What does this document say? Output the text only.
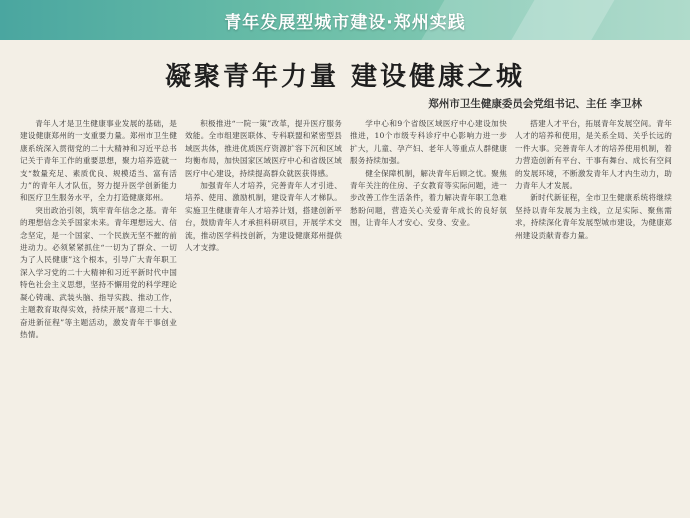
青年发展型城市建设·郑州实践
凝聚青年力量 建设健康之城
郑州市卫生健康委员会党组书记、主任 李卫林

青年人才是卫生健康事业发展的基础，是建设健康郑州的一支重要力量。郑州市卫生健康系统深入贯彻党的二十大精神和习近平总书记关于青年工作的重要思想，聚力培养造就一支“数量充足、素质优良、规模适当、富有活力”的青年人才队伍，努力提升医学创新能力和医疗卫生服务水平，全力打造健康郑州。

突出政治引领，筑牢青年信念之基。青年的理想信念关乎国家未来。青年理想远大、信念坚定，是一个国家、一个民族无坚不摧的前进动力。必须紧紧抓住“一切为了群众、一切为了人民健康”这个根本，引导广大青年职工深入学习党的二十大精神和习近平新时代中国特色社会主义思想，坚持不懈用党的科学理论凝心铸魂、武装头脑、指导实践、推动工作，主题教育取得实效，持续开展“喜迎二十大、奋进新征程”等主题活动，激发青年干事创业热情。

积极推进“一院一策”改革，提升医疗服务效能。全市组建医联体、专科联盟和紧密型县域医共体，推进优质医疗资源扩容下沉和区域均衡布局，加快国家区域医疗中心和省级区域医疗中心建设，持续提高群众就医获得感。

加强青年人才培养，完善青年人才引进、培养、使用、激励机制，建设青年人才梯队。实施卫生健康青年人才培养计划，搭建创新平台，鼓励青年人才承担科研项目，开展学术交流，推动医学科技创新，为建设健康郑州提供人才支撑。

学中心和9个省级区域医疗中心建设加快推进，10个市级专科诊疗中心影响力进一步扩大，儿童、孕产妇、老年人等重点人群健康服务持续加强。

健全保障机制，解决青年后顾之忧。聚焦青年关注的住房、子女教育等实际问题，进一步改善工作生活条件，着力解决青年职工急难愁盼问题，营造关心关爱青年成长的良好氛围，让青年人才安心、安身、安业。

搭建人才平台，拓展青年发展空间。青年人才的培养和使用，是关系全局、关乎长远的一件大事。完善青年人才的培养使用机制，着力营造创新有平台、干事有舞台、成长有空间的发展环境，不断激发青年人才内生动力，助力青年人才发展。

新时代新征程，全市卫生健康系统将继续坚持以青年发展为主线，立足实际、聚焦需求，持续深化青年发展型城市建设，为健康郑州建设贡献青春力量。
